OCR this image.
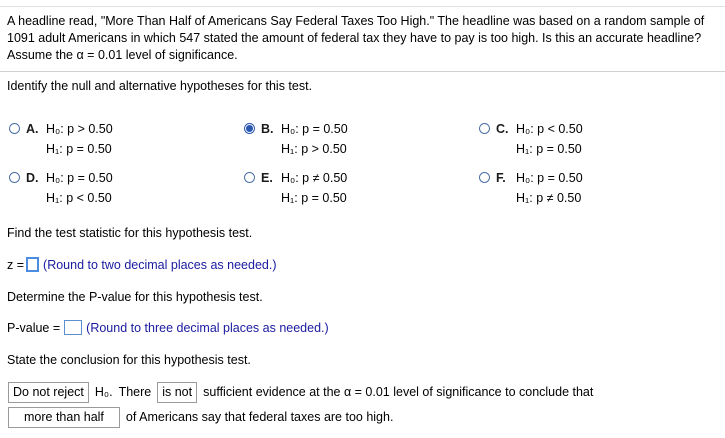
A headline read, "More Than Half of Americans Say Federal Taxes Too High." The headline was based on a random sample of 1091 adult Americans in which 547 stated the amount of federal tax they have to pay is too high. Is this an accurate headline? Assume the α = 0.01 level of significance.
Identify the null and alternative hypotheses for this test.
A. H₀: p > 0.50
H₁: p = 0.50
B. H₀: p = 0.50
H₁: p > 0.50
C. H₀: p < 0.50
H₁: p = 0.50
D. H₀: p = 0.50
H₁: p < 0.50
E. H₀: p ≠ 0.50
H₁: p = 0.50
F. H₀: p = 0.50
H₁: p ≠ 0.50
Find the test statistic for this hypothesis test.
z = (Round to two decimal places as needed.)
Determine the P-value for this hypothesis test.
P-value = (Round to three decimal places as needed.)
State the conclusion for this hypothesis test.
Do not reject H₀. There is not sufficient evidence at the α = 0.01 level of significance to conclude that
more than half	of Americans say that federal taxes are too high.
